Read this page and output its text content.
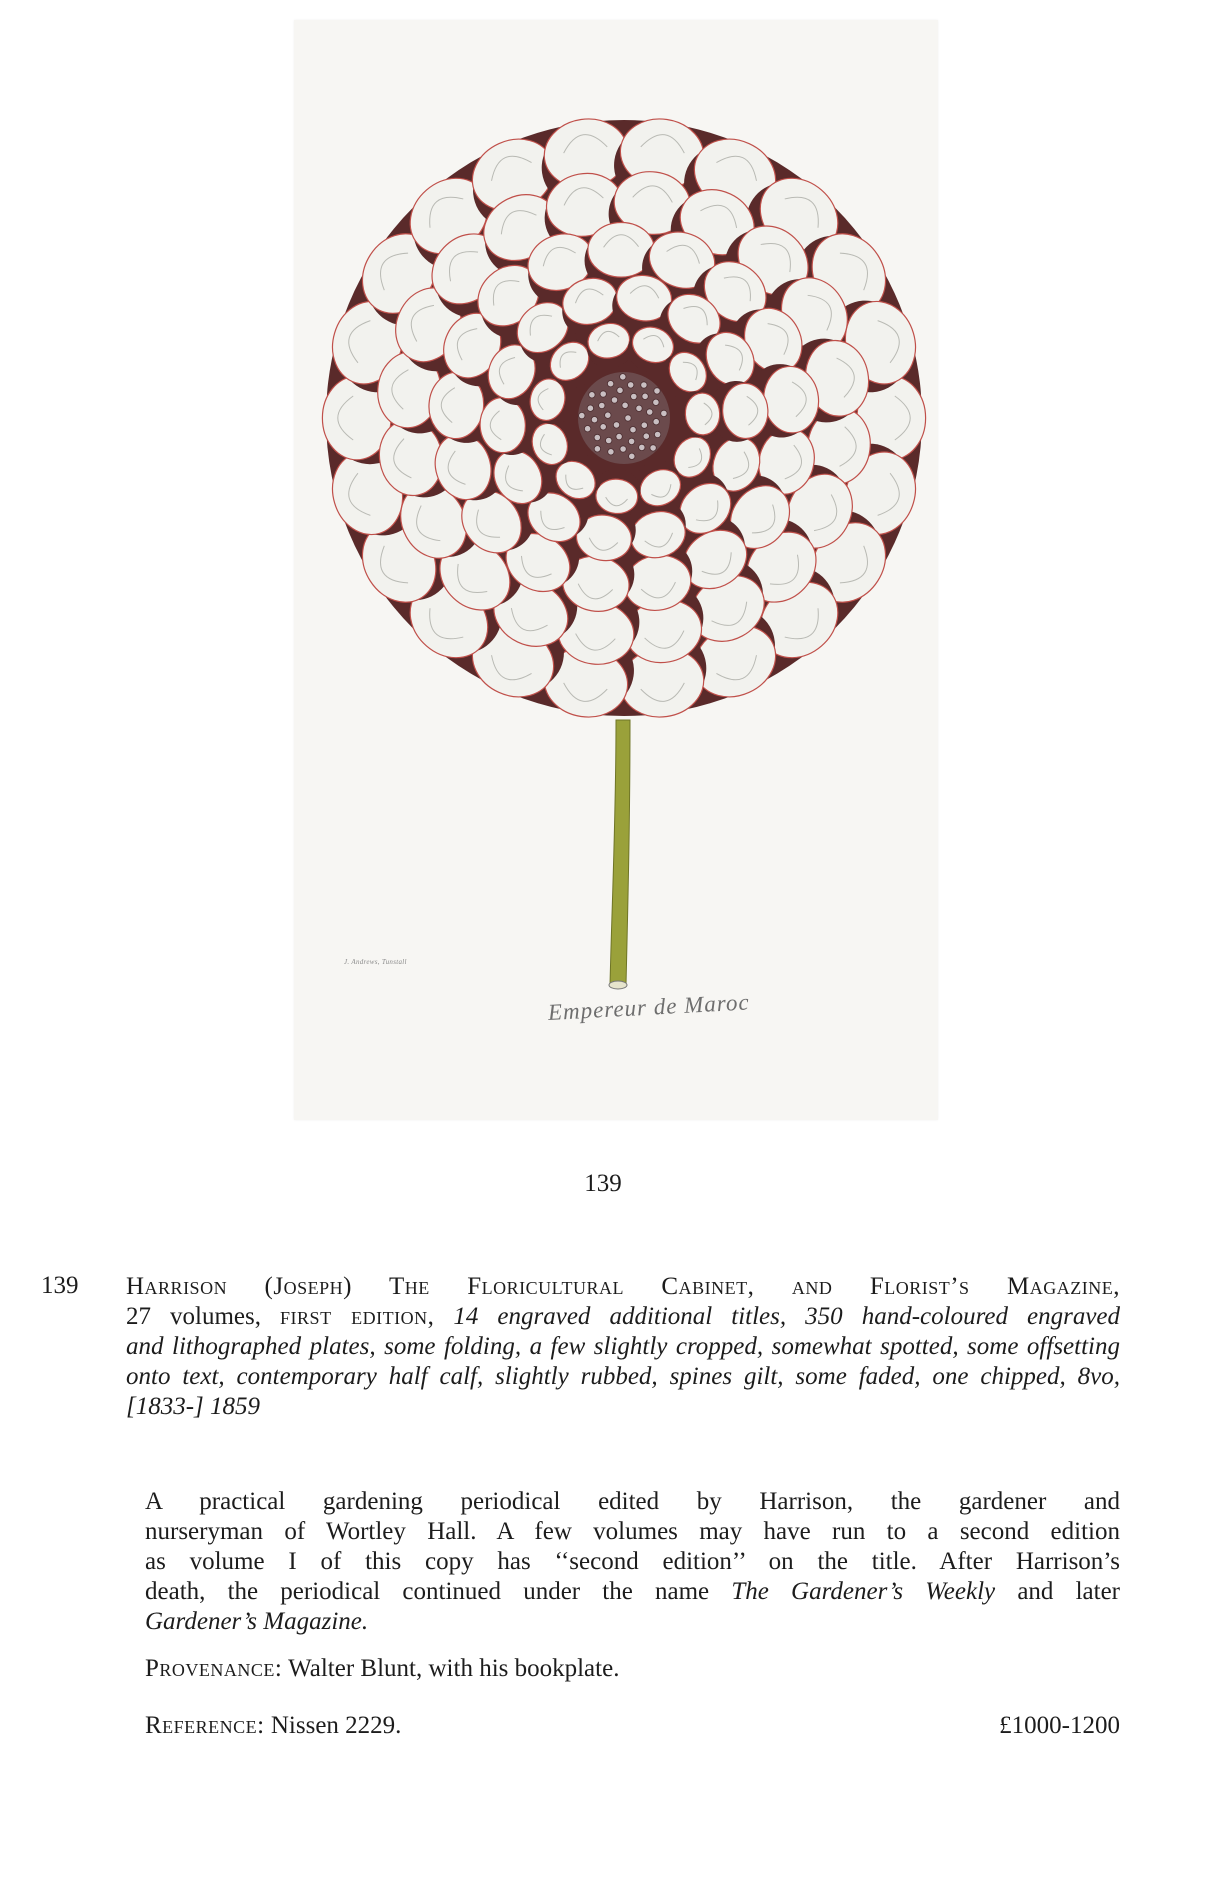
J. Andrews, Tunstall
Empereur de Maroc
139
139 Harrison (Joseph) The Floricultural Cabinet, and Florist’s Magazine,
27 volumes, first edition, 14 engraved additional titles, 350 hand-coloured engraved
and lithographed plates, some folding, a few slightly cropped, somewhat spotted, some offsetting
onto text, contemporary half calf, slightly rubbed, spines gilt, some faded, one chipped, 8vo,
[1833-] 1859
A practical gardening periodical edited by Harrison, the gardener and
nurseryman of Wortley Hall. A few volumes may have run to a second edition
as volume I of this copy has ‘‘second edition’’ on the title. After Harrison’s
death, the periodical continued under the name The Gardener’s Weekly and later
Gardener’s Magazine.
Provenance: Walter Blunt, with his bookplate.
Reference: Nissen 2229.	£1000-1200
